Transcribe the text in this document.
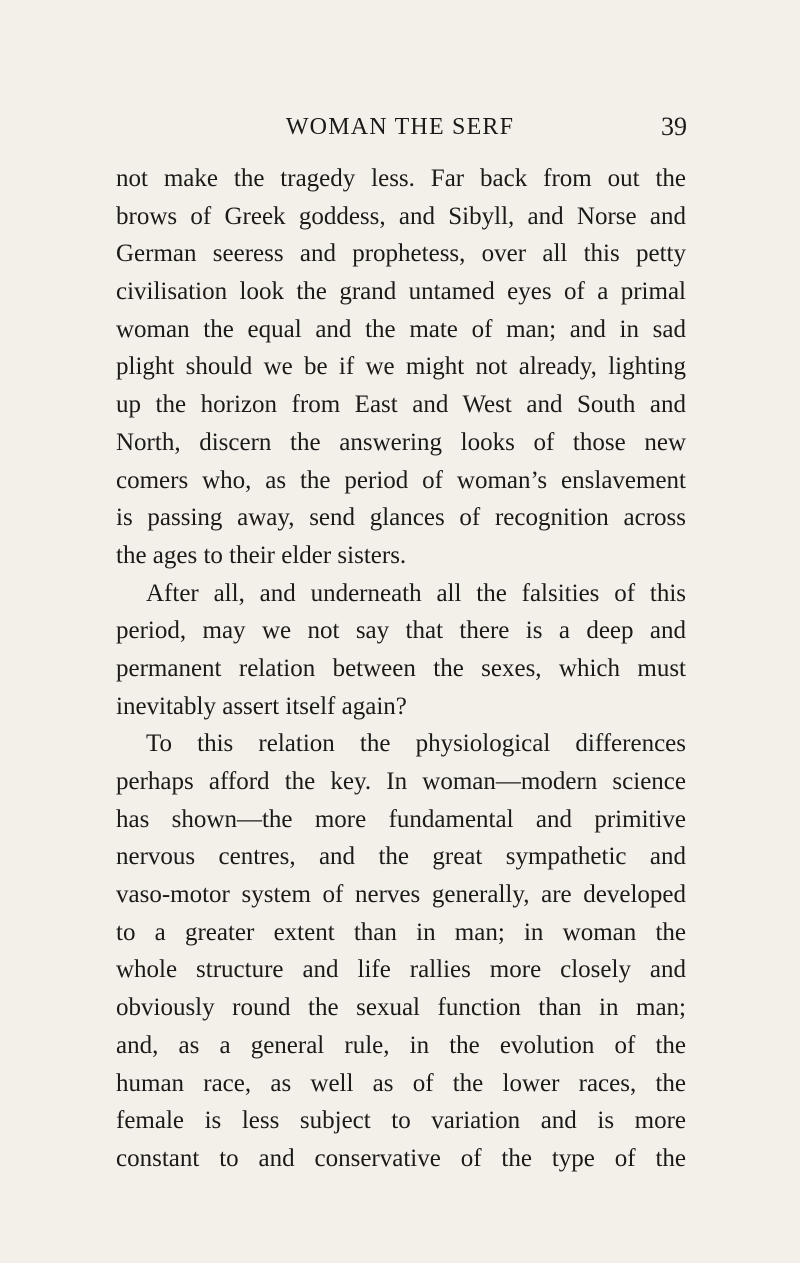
WOMAN THE SERF	39
not make the tragedy less. Far back from out the
brows of Greek goddess, and Sibyll, and Norse and
German seeress and prophetess, over all this petty
civilisation look the grand untamed eyes of a primal
woman the equal and the mate of man; and in sad
plight should we be if we might not already, lighting
up the horizon from East and West and South and
North, discern the answering looks of those new
comers who, as the period of woman’s enslavement
is passing away, send glances of recognition across
the ages to their elder sisters.
After all, and underneath all the falsities of this
period, may we not say that there is a deep and
permanent relation between the sexes, which must
inevitably assert itself again?
To this relation the physiological differences
perhaps afford the key. In woman—modern science
has shown—the more fundamental and primitive
nervous centres, and the great sympathetic and
vaso-motor system of nerves generally, are developed
to a greater extent than in man; in woman the
whole structure and life rallies more closely and
obviously round the sexual function than in man;
and, as a general rule, in the evolution of the
human race, as well as of the lower races, the
female is less subject to variation and is more
constant to and conservative of the type of the
